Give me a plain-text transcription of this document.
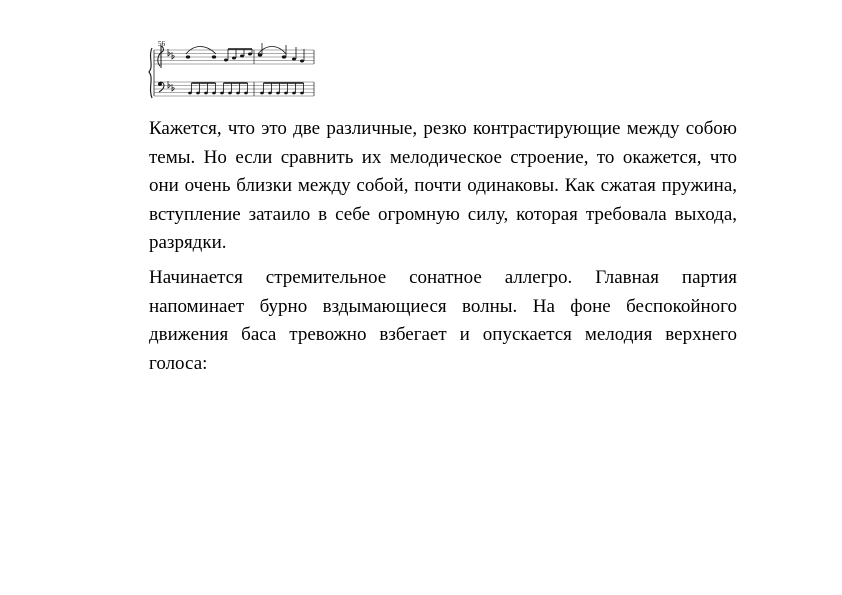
56

Кажется, что это две различные, резко контрастирующие между собою темы. Но если сравнить их мелодическое строение, то окажется, что они очень близки между собой, почти одинаковы. Как сжатая пружина, вступление затаило в себе огромную силу, которая требовала выхода, разрядки.

Начинается стремительное сонатное аллегро. Главная партия напоминает бурно вздымающиеся волны. На фоне беспокойного движения баса тревожно взбегает и опускается мелодия верхнего голоса:
